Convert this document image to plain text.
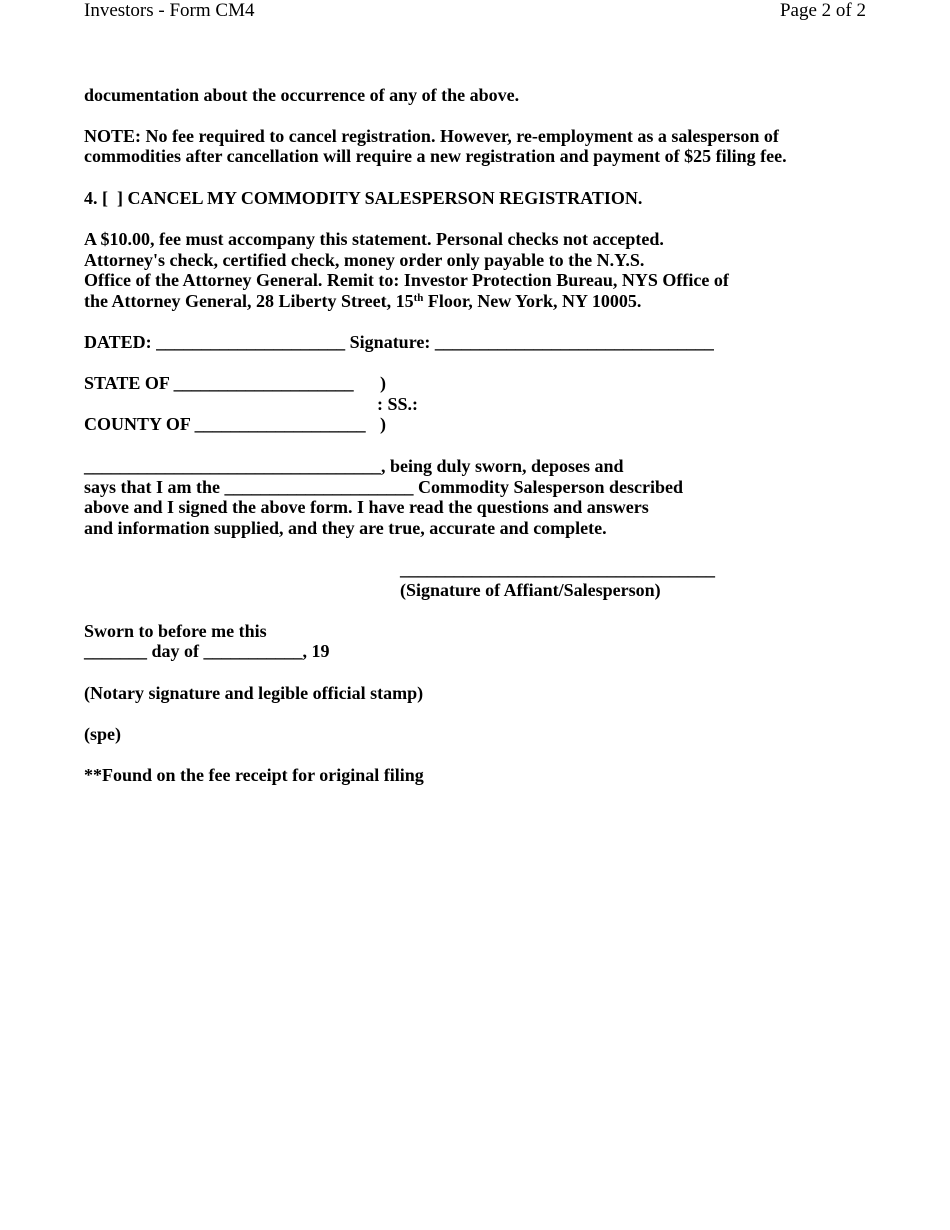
Investors - Form CM4	Page 2 of 2
documentation about the occurrence of any of the above.
NOTE: No fee required to cancel registration. However, re-employment as a salesperson of
commodities after cancellation will require a new registration and payment of $25 filing fee.
4. [  ] CANCEL MY COMMODITY SALESPERSON REGISTRATION.
A $10.00, fee must accompany this statement. Personal checks not accepted.
Attorney's check, certified check, money order only payable to the N.Y.S.
Office of the Attorney General. Remit to: Investor Protection Bureau, NYS Office of
the Attorney General, 28 Liberty Street, 15th Floor, New York, NY 10005.
DATED: _____________________ Signature: _______________________________
STATE OF ____________________ )
: SS.:
COUNTY OF ___________________ )
_________________________________, being duly sworn, deposes and
says that I am the _____________________ Commodity Salesperson described
above and I signed the above form. I have read the questions and answers
and information supplied, and they are true, accurate and complete.
___________________________________
(Signature of Affiant/Salesperson)
Sworn to before me this
_______ day of ___________, 19
(Notary signature and legible official stamp)
(spe)
**Found on the fee receipt for original filing
